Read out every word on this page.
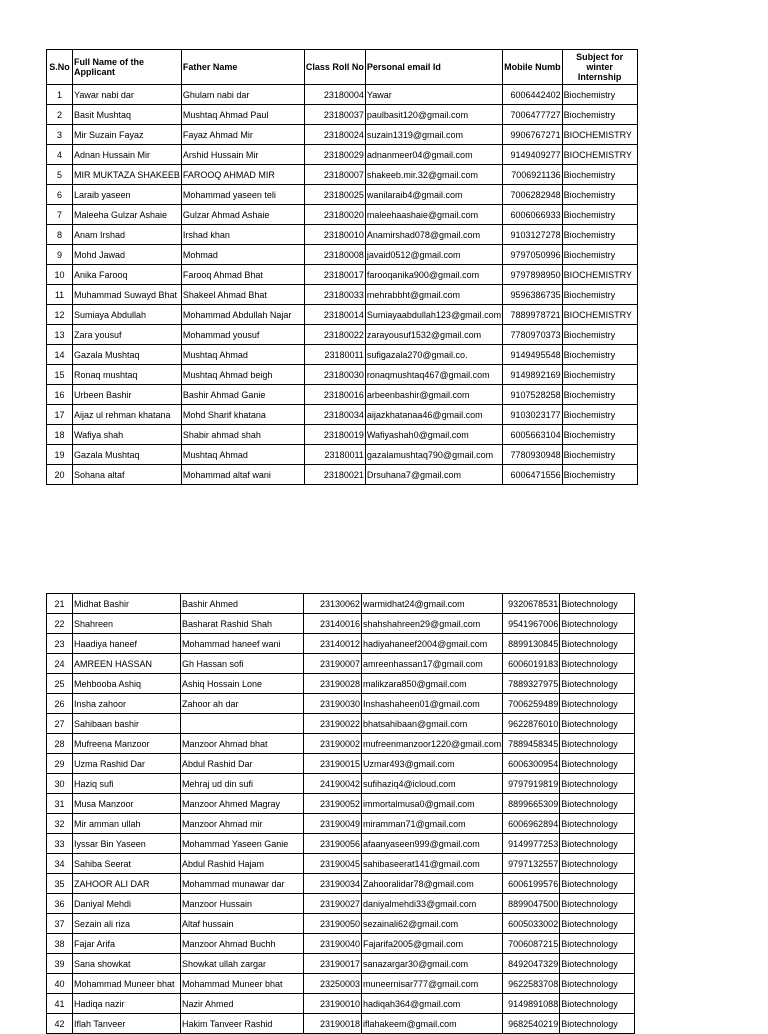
S.No	Full Name of the Applicant	Father Name	Class Roll No	Personal email Id	Mobile Numb	Subject for winter Internship
1	Yawar nabi dar	Ghulam nabi dar	23180004	Yawar	6006442402	Biochemistry
2	Basit Mushtaq	Mushtaq Ahmad Paul	23180037	paulbasit120@gmail.com	7006477727	Biochemistry
3	Mir Suzain Fayaz	Fayaz Ahmad Mir	23180024	suzain1319@gmail.com	9906767271	BIOCHEMISTRY
4	Adnan Hussain Mir	Arshid Hussain Mir	23180029	adnanmeer04@gmail.com	9149409277	BIOCHEMISTRY
5	MIR MUKTAZA SHAKEEB	FAROOQ AHMAD MIR	23180007	shakeeb.mir.32@gmail.com	7006921136	Biochemistry
6	Laraib yaseen	Mohammad yaseen teli	23180025	wanilaraib4@gmail.com	7006282948	Biochemistry
7	Maleeha Gulzar Ashaie	Gulzar Ahmad Ashaie	23180020	maleehaashaie@gmail.com	6006066933	Biochemistry
8	Anam Irshad	Irshad khan	23180010	Anamirshad078@gmail.com	9103127278	Biochemistry
9	Mohd Jawad	Mohmad	23180008	javaid0512@gmail.com	9797050996	Biochemistry
10	Anika Farooq	Farooq Ahmad Bhat	23180017	farooqanika900@gmail.com	9797898950	BIOCHEMISTRY
11	Muhammad Suwayd Bhat	Shakeel Ahmad Bhat	23180033	mehrabbht@gmail.com	9596386735	Biochemistry
12	Sumiaya Abdullah	Mohammad Abdullah Najar	23180014	Sumiayaabdullah123@gmail.com	7889978721	BIOCHEMISTRY
13	Zara yousuf	Mohammad yousuf	23180022	zarayousuf1532@gmail.com	7780970373	Biochemistry
14	Gazala Mushtaq	Mushtaq Ahmad	23180011	sufigazala270@gmail.co.	9149495548	Biochemistry
15	Ronaq mushtaq	Mushtaq Ahmad beigh	23180030	ronaqmushtaq467@gmail.com	9149892169	Biochemistry
16	Urbeen Bashir	Bashir Ahmad Ganie	23180016	arbeenbashir@gmail.com	9107528258	Biochemistry
17	Aijaz ul rehman khatana	Mohd Sharif khatana	23180034	aijazkhatanaa46@gmail.com	9103023177	Biochemistry
18	Wafiya shah	Shabir ahmad shah	23180019	Wafiyashah0@gmail.com	6005663104	Biochemistry
19	Gazala Mushtaq	Mushtaq Ahmad	23180011	gazalamushtaq790@gmail.com	7780930948	Biochemistry
20	Sohana altaf	Mohammad altaf wani	23180021	Drsuhana7@gmail.com	6006471556	Biochemistry
21	Midhat Bashir	Bashir Ahmed	23130062	warmidhat24@gmail.com	9320678531	Biotechnology
22	Shahreen	Basharat Rashid Shah	23140016	shahshahreen29@gmail.com	9541967006	Biotechnology
23	Haadiya haneef	Mohammad haneef wani	23140012	hadiyahaneef2004@gmail.com	8899130845	Biotechnology
24	AMREEN HASSAN	Gh Hassan sofi	23190007	amreenhassan17@gmail.com	6006019183	Biotechnology
25	Mehbooba Ashiq	Ashiq Hossain Lone	23190028	malikzara850@gmail.com	7889327975	Biotechnology
26	Insha zahoor	Zahoor ah dar	23190030	Inshashaheen01@gmail.com	7006259489	Biotechnology
27	Sahibaan bashir		23190022	bhatsahibaan@gmail.com	9622876010	Biotechnology
28	Mufreena Manzoor	Manzoor Ahmad bhat	23190002	mufreenmanzoor1220@gmail.com	7889458345	Biotechnology
29	Uzma Rashid Dar	Abdul Rashid Dar	23190015	Uzmar493@gmail.com	6006300954	Biotechnology
30	Haziq sufi	Mehraj ud din sufi	24190042	sufihaziq4@icloud.com	9797919819	Biotechnology
31	Musa Manzoor	Manzoor Ahmed Magray	23190052	immortalmusa0@gmail.com	8899665309	Biotechnology
32	Mir amman ullah	Manzoor Ahmad mir	23190049	miramman71@gmail.com	6006962894	Biotechnology
33	Iyssar Bin Yaseen	Mohammad Yaseen Ganie	23190056	afaanyaseen999@gmail.com	9149977253	Biotechnology
34	Sahiba Seerat	Abdul Rashid Hajam	23190045	sahibaseerat141@gmail.com	9797132557	Biotechnology
35	ZAHOOR ALI DAR	Mohammad munawar dar	23190034	Zahooralidar78@gmail.com	6006199576	Biotechnology
36	Daniyal Mehdi	Manzoor Hussain	23190027	daniyalmehdi33@gmail.com	8899047500	Biotechnology
37	Sezain ali riza	Altaf hussain	23190050	sezainali62@gmail.com	6005033002	Biotechnology
38	Fajar Arifa	Manzoor Ahmad Buchh	23190040	Fajarifa2005@gmail.com	7006087215	Biotechnology
39	Sana showkat	Showkat ullah zargar	23190017	sanazargar30@gmail.com	8492047329	Biotechnology
40	Mohammad Muneer bhat	Mohammad Muneer bhat	23250003	muneernisar777@gmail.com	9622583708	Biotechnology
41	Hadiqa nazir	Nazir Ahmed	23190010	hadiqah364@gmail.com	9149891088	Biotechnology
42	Iflah Tanveer	Hakim Tanveer Rashid	23190018	iflahakeem@gmail.com	9682540219	Biotechnology
